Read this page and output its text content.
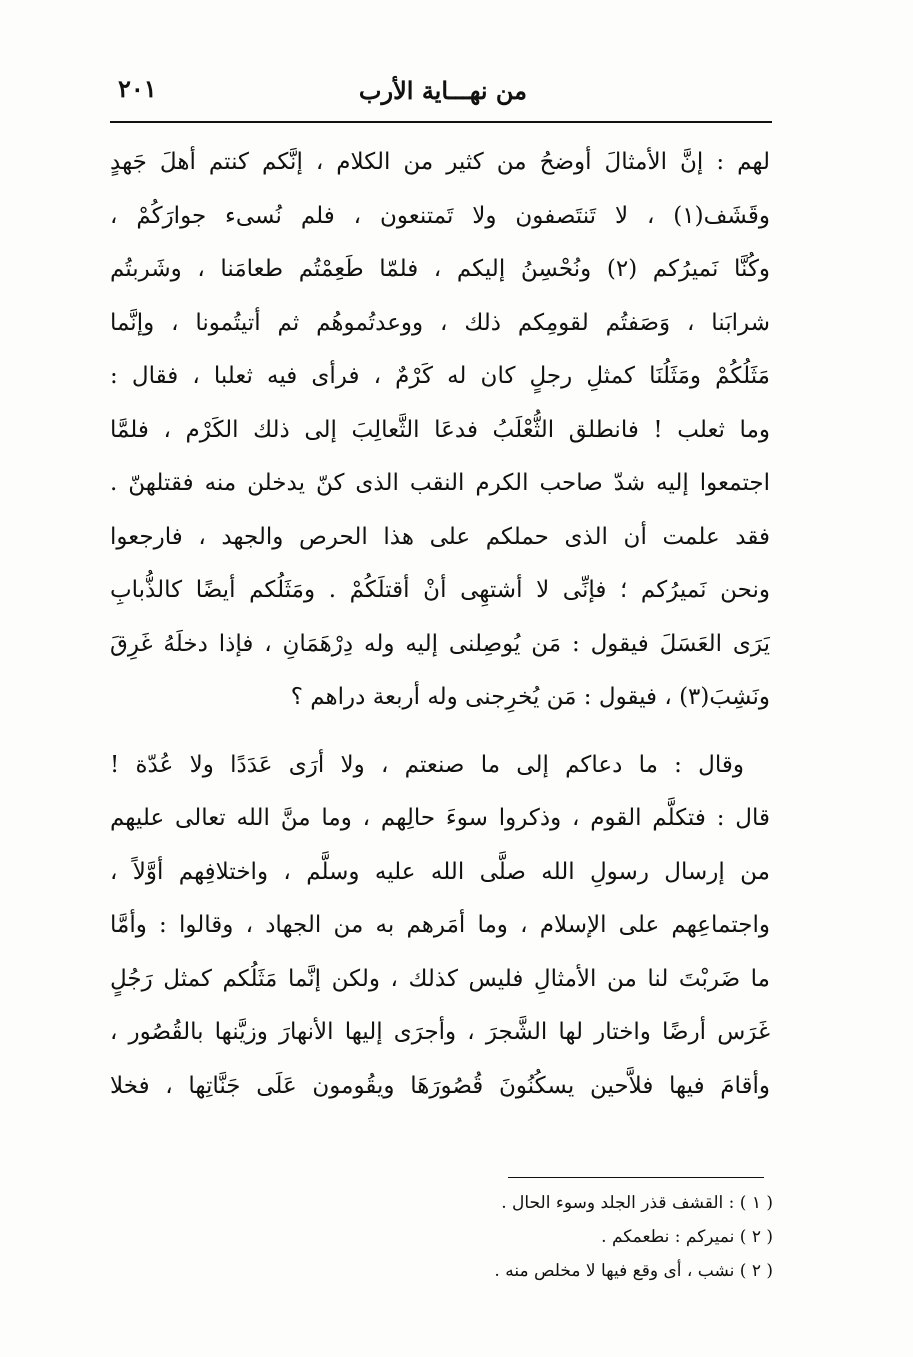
من نهـــاية الأرب
٢٠١
لهم : إنَّ الأمثالَ أوضحُ من كثير من الكلام ، إنَّكم كنتم أهلَ جَهدٍ
وقَشَف(١) ، لا تَنتَصفون ولا تَمتنعون ، فلم نُسىء جوارَكُمْ ،
وكُنَّا نَميرُكم (٢) ونُحْسِنُ إليكم ، فلمّا طَعِمْتُم طعامَنا ، وشَربتُم
شرابَنا ، وَصَفتُم لقومِكم ذلك ، ووعدتُموهُم ثم أتيتُمونا ، وإنَّما
مَثَلُكُمْ ومَثَلُنَا كمثلِ رجلٍ كان له كَرْمٌ ، فرأى فيه ثعلبا ، فقال :
وما ثعلب ! فانطلق الثُّعْلَبُ فدعَا الثَّعالِبَ إلى ذلك الكَرْم ، فلمَّا
اجتمعوا إليه شدّ صاحب الكرم النقب الذى كنّ يدخلن منه فقتلهنّ .
فقد علمت أن الذى حملكم على هذا الحرص والجهد ، فارجعوا
ونحن نَميرُكم ؛ فإنِّى لا أشتهِى أنْ أقتلَكُمْ . ومَثَلُكم أيضًا كالذُّبابِ
يَرَى العَسَلَ فيقول : مَن يُوصِلنى إليه وله دِرْهَمَانِ ، فإذا دخلَهُ غَرِقَ
ونَشِبَ(٣) ، فيقول : مَن يُخرِجنى وله أربعة دراهم ؟
وقال : ما دعاكم إلى ما صنعتم ، ولا أرَى عَدَدًا ولا عُدّة !
قال : فتكلَّم القوم ، وذكروا سوءَ حالِهم ، وما منَّ الله تعالى عليهم
من إرسال رسولِ الله صلَّى الله عليه وسلَّم ، واختلافِهم أوَّلاً ،
واجتماعِهم على الإسلام ، وما أمَرهم به من الجهاد ، وقالوا : وأمَّا
ما ضَربْتَ لنا من الأمثالِ فليس كذلك ، ولكن إنَّما مَثَلُكم كمثل رَجُلٍ
غَرَس أرضًا واختار لها الشَّجرَ ، وأجرَى إليها الأنهارَ وزيَّنها بالقُصُور ،
وأقامَ فيها فلاَّحين يسكُنُونَ قُصُورَهَا ويقُومون عَلَى جَنَّاتِها ، فخلا
( ١ ) : القشف قذر الجلد وسوء الحال .
( ٢ ) نميركم : نطعمكم .
( ٢ ) نشب ، أى وقع فيها لا مخلص منه .
